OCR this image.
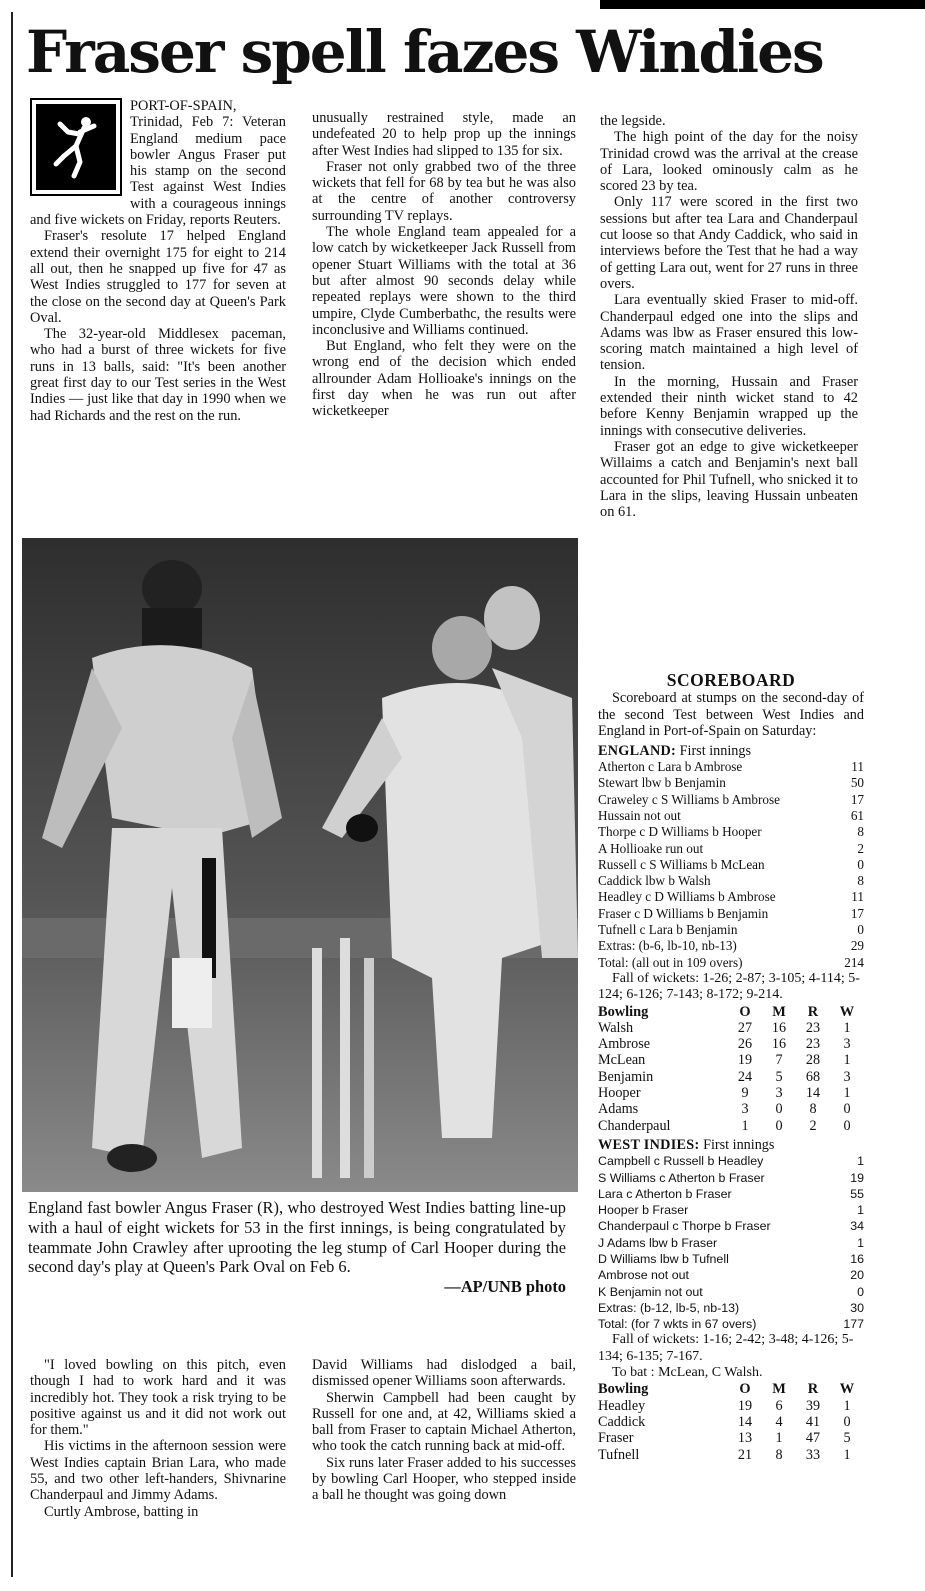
Fraser spell fazes Windies

PORT-OF-SPAIN, Trinidad, Feb 7: Veteran England medium pace bowler Angus Fraser put his stamp on the second Test against West Indies with a courageous innings and five wickets on Friday, reports Reuters.

Fraser's resolute 17 helped England extend their overnight 175 for eight to 214 all out, then he snapped up five for 47 as West Indies struggled to 177 for seven at the close on the second day at Queen's Park Oval.

The 32-year-old Middlesex paceman, who had a burst of three wickets for five runs in 13 balls, said: "It's been another great first day to our Test series in the West Indies — just like that day in 1990 when we had Richards and the rest on the run.

unusually restrained style, made an undefeated 20 to help prop up the innings after West Indies had slipped to 135 for six.

Fraser not only grabbed two of the three wickets that fell for 68 by tea but he was also at the centre of another controversy surrounding TV replays.

The whole England team appealed for a low catch by wicketkeeper Jack Russell from opener Stuart Williams with the total at 36 but after almost 90 seconds delay while repeated replays were shown to the third umpire, Clyde Cumberbathc, the results were inconclusive and Williams continued.

But England, who felt they were on the wrong end of the decision which ended allrounder Adam Hollioake's innings on the first day when he was run out after wicketkeeper

the legside.

The high point of the day for the noisy Trinidad crowd was the arrival at the crease of Lara, looked ominously calm as he scored 23 by tea.

Only 117 were scored in the first two sessions but after tea Lara and Chanderpaul cut loose so that Andy Caddick, who said in interviews before the Test that he had a way of getting Lara out, went for 27 runs in three overs.

Lara eventually skied Fraser to mid-off. Chanderpaul edged one into the slips and Adams was lbw as Fraser ensured this low-scoring match maintained a high level of tension.

In the morning, Hussain and Fraser extended their ninth wicket stand to 42 before Kenny Benjamin wrapped up the innings with consecutive deliveries.

Fraser got an edge to give wicketkeeper Willaims a catch and Benjamin's next ball accounted for Phil Tufnell, who snicked it to Lara in the slips, leaving Hussain unbeaten on 61.

England fast bowler Angus Fraser (R), who destroyed West Indies batting line-up with a haul of eight wickets for 53 in the first innings, is being congratulated by teammate John Crawley after uprooting the leg stump of Carl Hooper during the second day's play at Queen's Park Oval on Feb 6.
—AP/UNB photo

"I loved bowling on this pitch, even though I had to work hard and it was incredibly hot. They took a risk trying to be positive against us and it did not work out for them."

His victims in the afternoon session were West Indies captain Brian Lara, who made 55, and two other left-handers, Shivnarine Chanderpaul and Jimmy Adams.

Curtly Ambrose, batting in

David Williams had dislodged a bail, dismissed opener Williams soon afterwards.

Sherwin Campbell had been caught by Russell for one and, at 42, Williams skied a ball from Fraser to captain Michael Atherton, who took the catch running back at mid-off.

Six runs later Fraser added to his successes by bowling Carl Hooper, who stepped inside a ball he thought was going down

SCOREBOARD

Scoreboard at stumps on the second-day of the second Test between West Indies and England in Port-of-Spain on Saturday:

ENGLAND: First innings

Atherton c Lara b Ambrose	11
Stewart lbw b Benjamin	50
Craweley c S Williams b Ambrose	17
Hussain not out	61
Thorpe c D Williams b Hooper	8
A Hollioake run out	2
Russell c S Williams b McLean	0
Caddick lbw b Walsh	8
Headley c D Williams b Ambrose	11
Fraser c D Williams b Benjamin	17
Tufnell c Lara b Benjamin	0
Extras: (b-6, lb-10, nb-13)	29
Total: (all out in 109 overs)	214

Fall of wickets: 1-26; 2-87; 3-105; 4-114; 5-124; 6-126; 7-143; 8-172; 9-214.

Bowling	O	M	R	W
Walsh	27	16	23	1
Ambrose	26	16	23	3
McLean	19	7	28	1
Benjamin	24	5	68	3
Hooper	9	3	14	1
Adams	3	0	8	0
Chanderpaul	1	0	2	0

WEST INDIES: First innings

Campbell c Russell b Headley	1
S Williams c Atherton b Fraser	19
Lara c Atherton b Fraser	55
Hooper b Fraser	1
Chanderpaul c Thorpe b Fraser	34
J Adams lbw b Fraser	1
D Williams lbw b Tufnell	16
Ambrose not out	20
K Benjamin not out	0
Extras: (b-12, lb-5, nb-13)	30
Total: (for 7 wkts in 67 overs)	177

Fall of wickets: 1-16; 2-42; 3-48; 4-126; 5-134; 6-135; 7-167.

To bat : McLean, C Walsh.

Bowling	O	M	R	W
Headley	19	6	39	1
Caddick	14	4	41	0
Fraser	13	1	47	5
Tufnell	21	8	33	1
